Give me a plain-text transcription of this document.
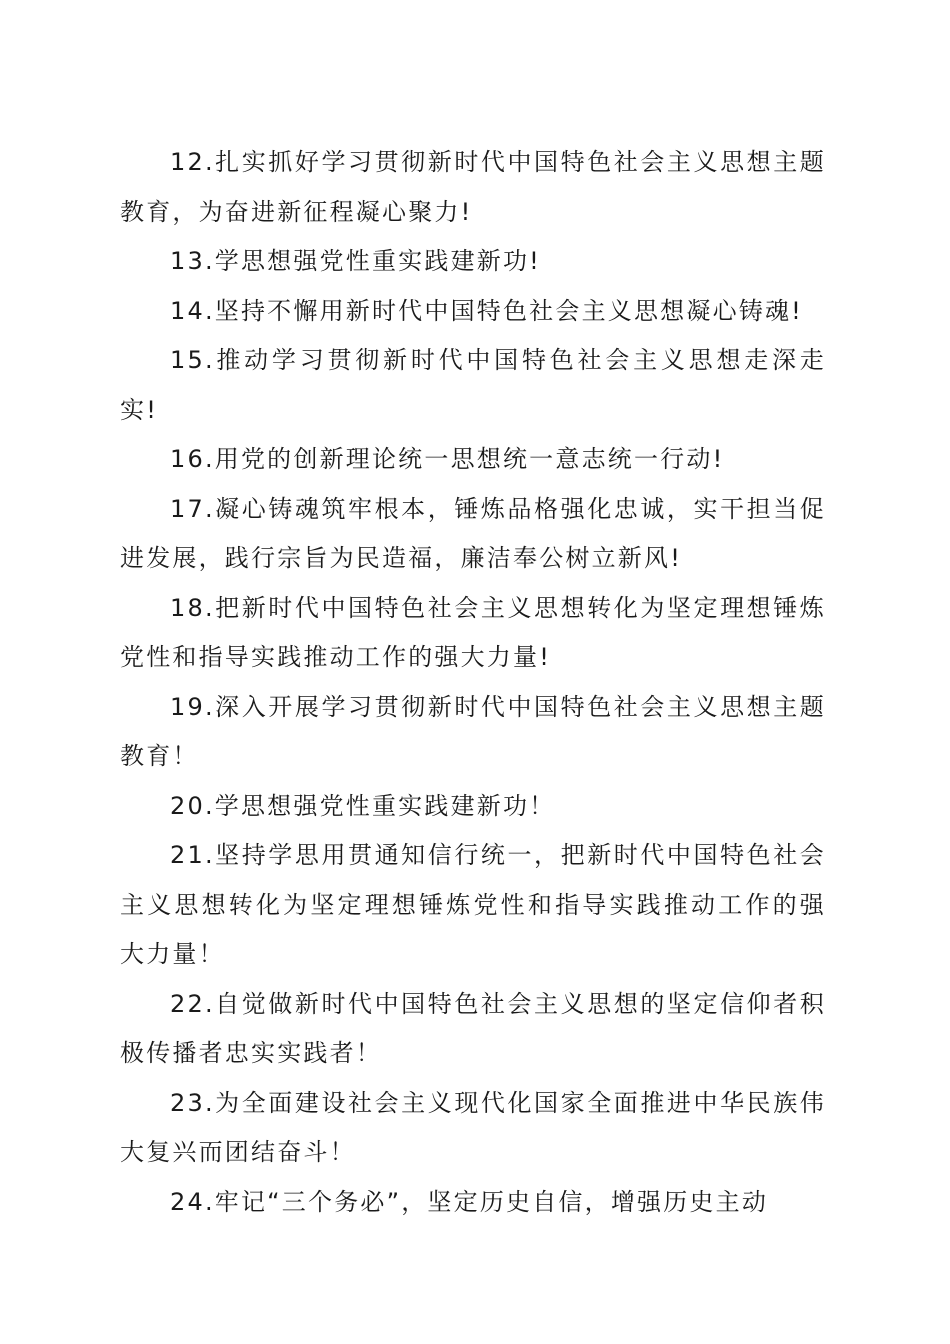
12.扎实抓好学习贯彻新时代中国特色社会主义思想主题教育，为奋进新征程凝心聚力!

13.学思想强党性重实践建新功!

14.坚持不懈用新时代中国特色社会主义思想凝心铸魂!

15.推动学习贯彻新时代中国特色社会主义思想走深走实!

16.用党的创新理论统一思想统一意志统一行动!

17.凝心铸魂筑牢根本，锤炼品格强化忠诚，实干担当促进发展，践行宗旨为民造福，廉洁奉公树立新风!

18.把新时代中国特色社会主义思想转化为坚定理想锤炼党性和指导实践推动工作的强大力量!

19.深入开展学习贯彻新时代中国特色社会主义思想主题教育！

20.学思想强党性重实践建新功！

21.坚持学思用贯通知信行统一，把新时代中国特色社会主义思想转化为坚定理想锤炼党性和指导实践推动工作的强大力量！

22.自觉做新时代中国特色社会主义思想的坚定信仰者积极传播者忠实实践者！

23.为全面建设社会主义现代化国家全面推进中华民族伟大复兴而团结奋斗！

24.牢记“三个务必”，坚定历史自信，增强历史主动
